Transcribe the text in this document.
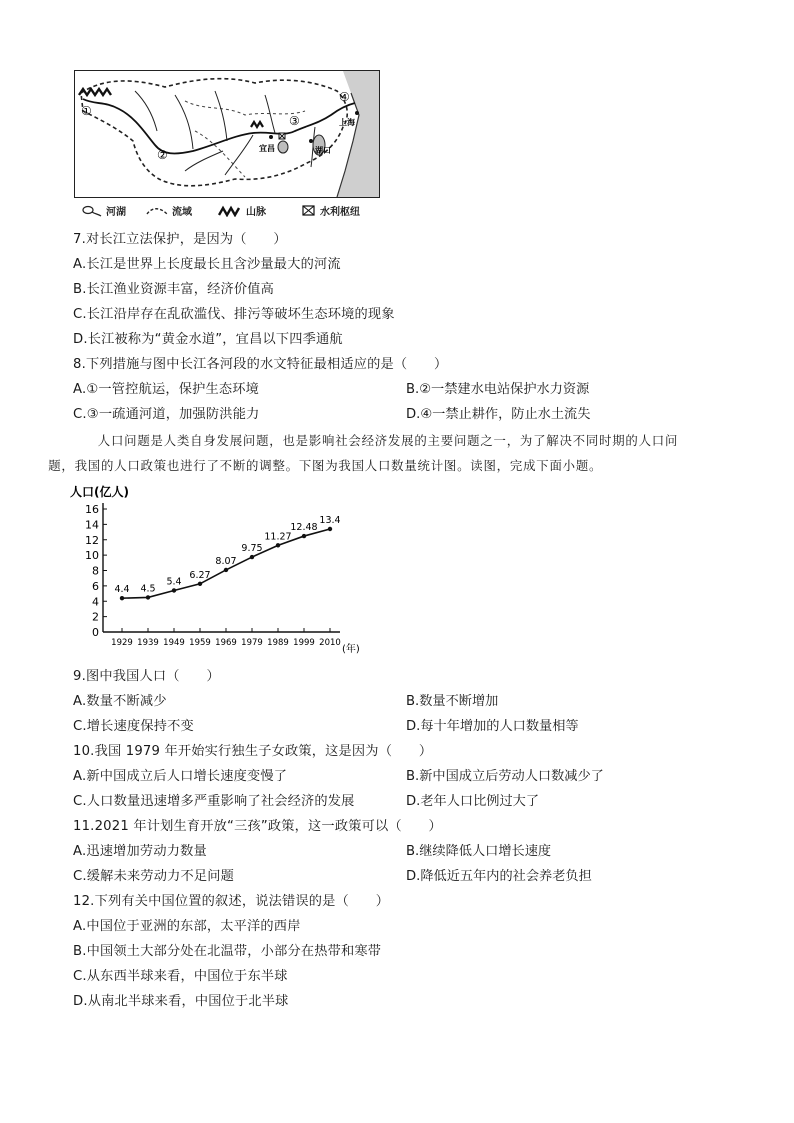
宜昌	湖口
上海
①
②
③
④
河湖	流域	山脉	水利枢纽
7.对长江立法保护，是因为（　　）
A.长江是世界上长度最长且含沙量最大的河流
B.长江渔业资源丰富，经济价值高
C.长江沿岸存在乱砍滥伐、排污等破坏生态环境的现象
D.长江被称为“黄金水道”，宜昌以下四季通航
8.下列措施与图中长江各河段的水文特征最相适应的是（　　）
A.①一管控航运，保护生态环境	B.②一禁建水电站保护水力资源
C.③一疏通河道，加强防洪能力	D.④一禁止耕作，防止水土流失
人口问题是人类自身发展问题，也是影响社会经济发展的主要问题之一，为了解决不同时期的人口问
题，我国的人口政策也进行了不断的调整。下图为我国人口数量统计图。读图，完成下面小题。
人口(亿人)
(年)
0
2
4
6
8
10
12
14
16
1929 1939 1949 1959 1969 1979 1989 1999 2010
4.4 4.5
5.4
6.27
8.07
9.75
11.27
12.48
13.4
9.图中我国人口（　　）
A.数量不断减少	B.数量不断增加
C.增长速度保持不变	D.每十年增加的人口数量相等
10.我国 1979 年开始实行独生子女政策，这是因为（　　）
A.新中国成立后人口增长速度变慢了	B.新中国成立后劳动人口数减少了
C.人口数量迅速增多严重影响了社会经济的发展	D.老年人口比例过大了
11.2021 年计划生育开放“三孩”政策，这一政策可以（　　）
A.迅速增加劳动力数量	B.继续降低人口增长速度
C.缓解未来劳动力不足问题	D.降低近五年内的社会养老负担
12.下列有关中国位置的叙述，说法错误的是（　　）
A.中国位于亚洲的东部，太平洋的西岸
B.中国领土大部分处在北温带，小部分在热带和寒带
C.从东西半球来看，中国位于东半球
D.从南北半球来看，中国位于北半球
